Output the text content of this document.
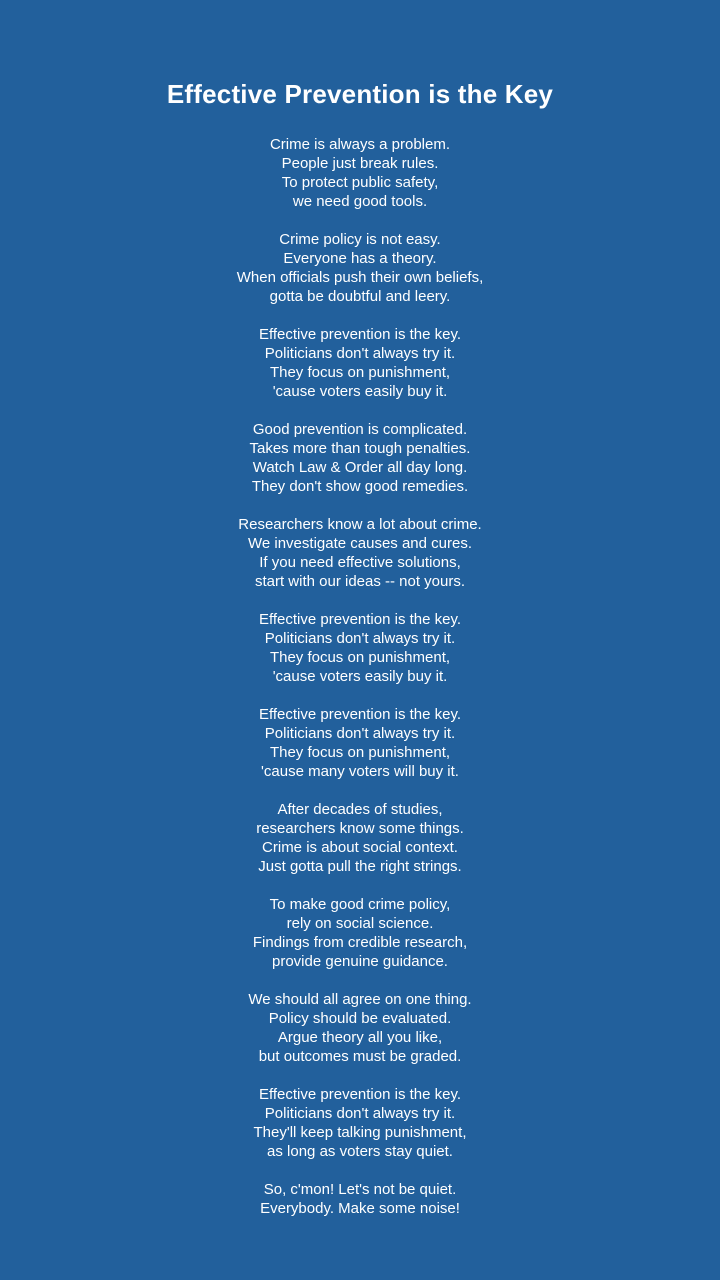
Effective Prevention is the Key
Crime is always a problem.
People just break rules.
To protect public safety,
we need good tools.
Crime policy is not easy.
Everyone has a theory.
When officials push their own beliefs,
gotta be doubtful and leery.
Effective prevention is the key.
Politicians don't always try it.
They focus on punishment,
'cause voters easily buy it.
Good prevention is complicated.
Takes more than tough penalties.
Watch Law & Order all day long.
They don't show good remedies.
Researchers know a lot about crime.
We investigate causes and cures.
If you need effective solutions,
start with our ideas -- not yours.
Effective prevention is the key.
Politicians don't always try it.
They focus on punishment,
'cause voters easily buy it.
Effective prevention is the key.
Politicians don't always try it.
They focus on punishment,
'cause many voters will buy it.
After decades of studies,
researchers know some things.
Crime is about social context.
Just gotta pull the right strings.
To make good crime policy,
rely on social science.
Findings from credible research,
provide genuine guidance.
We should all agree on one thing.
Policy should be evaluated.
Argue theory all you like,
but outcomes must be graded.
Effective prevention is the key.
Politicians don't always try it.
They'll keep talking punishment,
as long as voters stay quiet.
So, c'mon! Let's not be quiet.
Everybody. Make some noise!
